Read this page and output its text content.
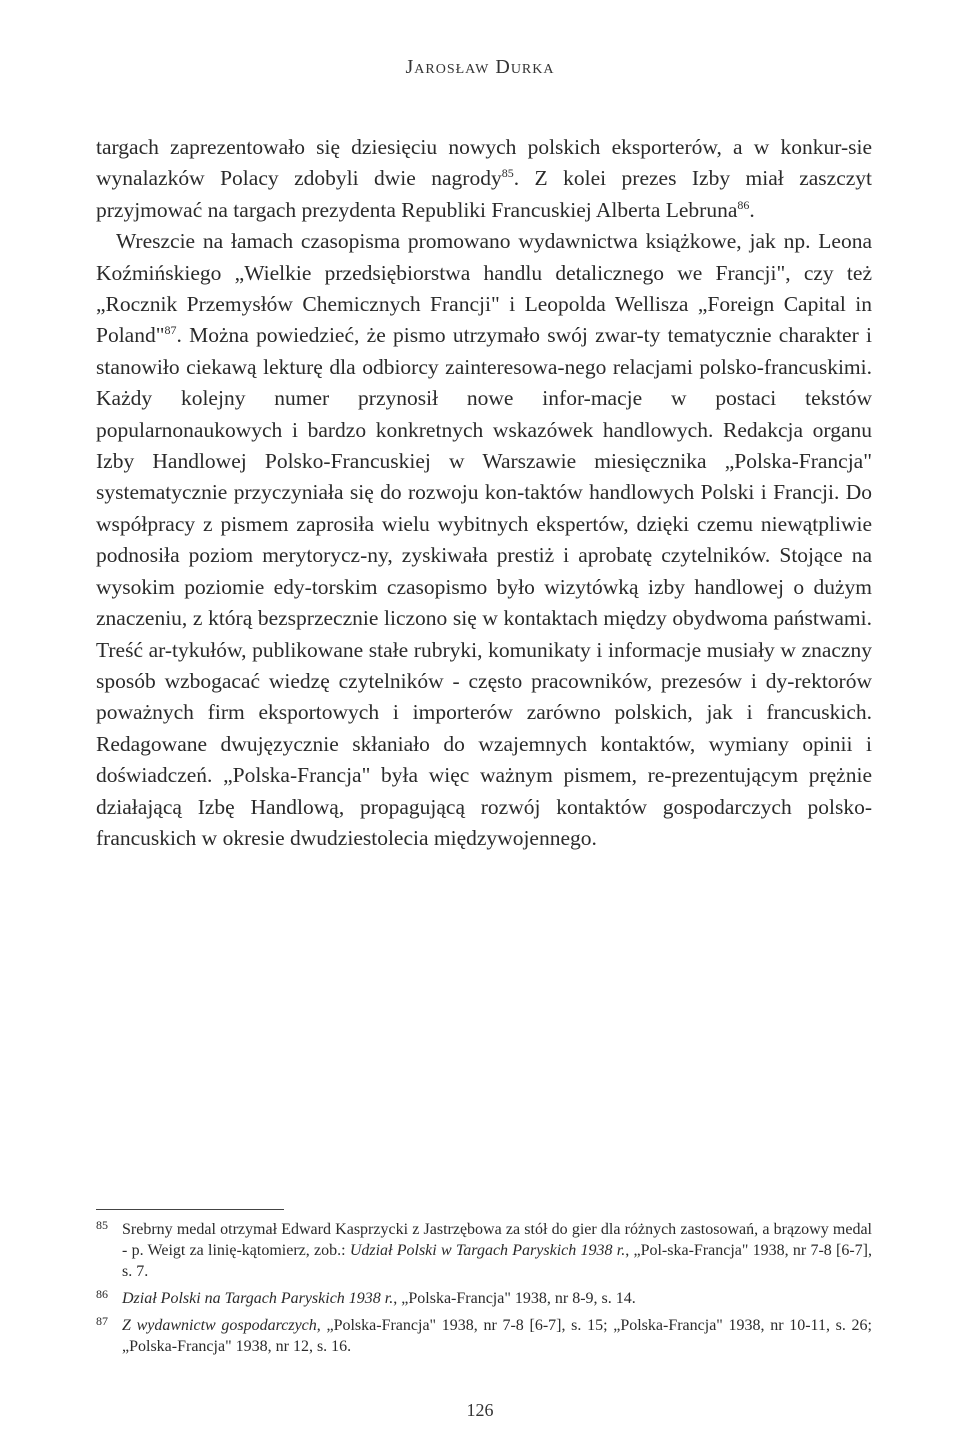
Jarosław Durka

targach zaprezentowało się dziesięciu nowych polskich eksporterów, a w konkur-sie wynalazków Polacy zdobyli dwie nagrody$^{85}$. Z kolei prezes Izby miał zaszczyt przyjmować na targach prezydenta Republiki Francuskiej Alberta Lebruna$^{86}$.

Wreszcie na łamach czasopisma promowano wydawnictwa książkowe, jak np. Leona Koźmińskiego „Wielkie przedsiębiorstwa handlu detalicznego we Francji", czy też „Rocznik Przemysłów Chemicznych Francji" i Leopolda Wellisza „Foreign Capital in Poland"$^{87}$. Można powiedzieć, że pismo utrzymało swój zwar-ty tematycznie charakter i stanowiło ciekawą lekturę dla odbiorcy zainteresowa-nego relacjami polsko-francuskimi. Każdy kolejny numer przynosił nowe infor-macje w postaci tekstów popularnonaukowych i bardzo konkretnych wskazówek handlowych. Redakcja organu Izby Handlowej Polsko-Francuskiej w Warszawie miesięcznika „Polska-Francja" systematycznie przyczyniała się do rozwoju kon-taktów handlowych Polski i Francji. Do współpracy z pismem zaprosiła wielu wybitnych ekspertów, dzięki czemu niewątpliwie podnosiła poziom merytorycz-ny, zyskiwała prestiż i aprobatę czytelników. Stojące na wysokim poziomie edy-torskim czasopismo było wizytówką izby handlowej o dużym znaczeniu, z którą bezsprzecznie liczono się w kontaktach między obydwoma państwami. Treść ar-tykułów, publikowane stałe rubryki, komunikaty i informacje musiały w znaczny sposób wzbogacać wiedzę czytelników - często pracowników, prezesów i dy-rektorów poważnych firm eksportowych i importerów zarówno polskich, jak i francuskich. Redagowane dwujęzycznie skłaniało do wzajemnych kontaktów, wymiany opinii i doświadczeń. „Polska-Francja" była więc ważnym pismem, re-prezentującym prężnie działającą Izbę Handlową, propagującą rozwój kontaktów gospodarczych polsko-francuskich w okresie dwudziestolecia międzywojennego.

85 Srebrny medal otrzymał Edward Kasprzycki z Jastrzębowa za stół do gier dla różnych zastosowań, a brązowy medal - p. Weigt za linię-kątomierz, zob.: Udział Polski w Targach Paryskich 1938 r., „Pol-ska-Francja" 1938, nr 7-8 [6-7], s. 7.
86 Dział Polski na Targach Paryskich 1938 r., „Polska-Francja" 1938, nr 8-9, s. 14.
87 Z wydawnictw gospodarczych, „Polska-Francja" 1938, nr 7-8 [6-7], s. 15; „Polska-Francja" 1938, nr 10-11, s. 26; „Polska-Francja" 1938, nr 12, s. 16.
126
